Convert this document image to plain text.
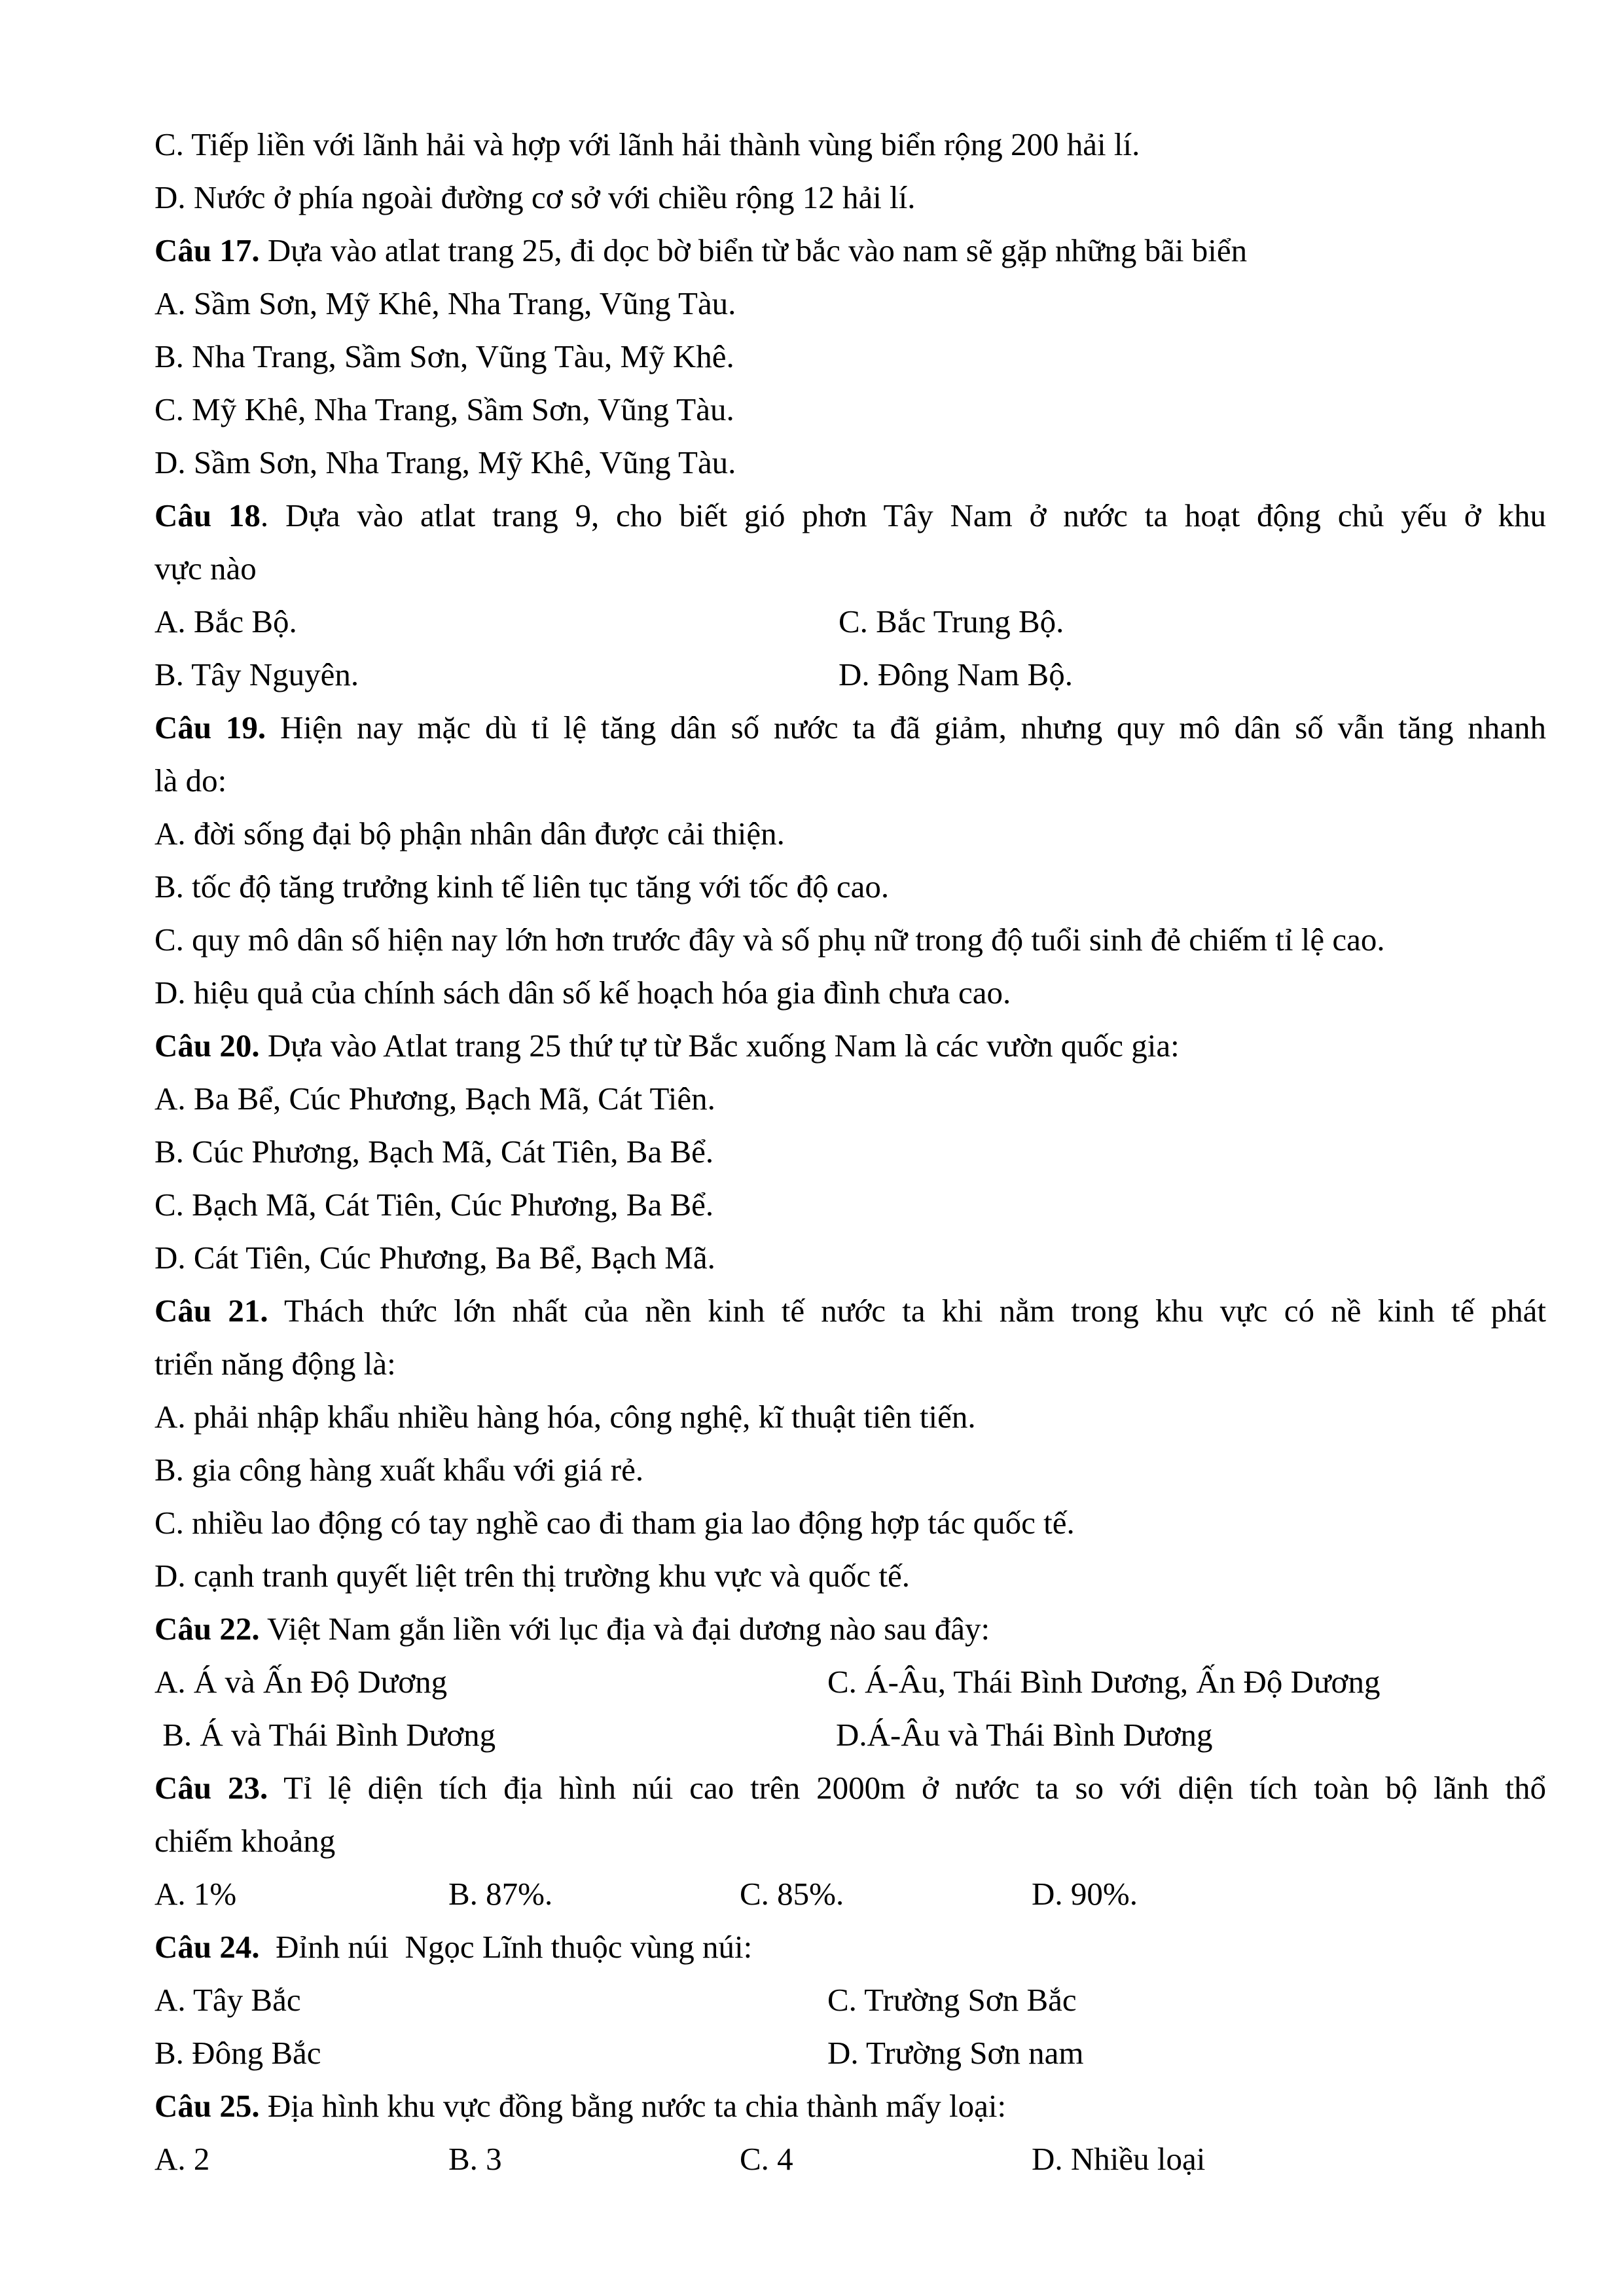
C. Tiếp liền với lãnh hải và hợp với lãnh hải thành vùng biển rộng 200 hải lí.
D. Nước ở phía ngoài đường cơ sở với chiều rộng 12 hải lí.
Câu 17. Dựa vào atlat trang 25, đi dọc bờ biển từ bắc vào nam sẽ gặp những bãi biển
A. Sầm Sơn, Mỹ Khê, Nha Trang, Vũng Tàu.
B. Nha Trang, Sầm Sơn, Vũng Tàu, Mỹ Khê.
C. Mỹ Khê, Nha Trang, Sầm Sơn, Vũng Tàu.
D. Sầm Sơn, Nha Trang, Mỹ Khê, Vũng Tàu.
Câu 18. Dựa vào atlat trang 9, cho biết gió phơn Tây Nam ở nước ta hoạt động chủ yếu ở khu
vực nào
A. Bắc Bộ.	C. Bắc Trung Bộ.
B. Tây Nguyên.	D. Đông Nam Bộ.
Câu 19. Hiện nay mặc dù tỉ lệ tăng dân số nước ta đã giảm, nhưng quy mô dân số vẫn tăng nhanh
là do:
A. đời sống đại bộ phận nhân dân được cải thiện.
B. tốc độ tăng trưởng kinh tế liên tục tăng với tốc độ cao.
C. quy mô dân số hiện nay lớn hơn trước đây và số phụ nữ trong độ tuổi sinh đẻ chiếm tỉ lệ cao.
D. hiệu quả của chính sách dân số kế hoạch hóa gia đình chưa cao.
Câu 20. Dựa vào Atlat trang 25 thứ tự từ Bắc xuống Nam là các vườn quốc gia:
A. Ba Bể, Cúc Phương, Bạch Mã, Cát Tiên.
B. Cúc Phương, Bạch Mã, Cát Tiên, Ba Bể.
C. Bạch Mã, Cát Tiên, Cúc Phương, Ba Bể.
D. Cát Tiên, Cúc Phương, Ba Bể, Bạch Mã.
Câu 21. Thách thức lớn nhất của nền kinh tế nước ta khi nằm trong khu vực có nề kinh tế phát
triển năng động là:
A. phải nhập khẩu nhiều hàng hóa, công nghệ, kĩ thuật tiên tiến.
B. gia công hàng xuất khẩu với giá rẻ.
C. nhiều lao động có tay nghề cao đi tham gia lao động hợp tác quốc tế.
D. cạnh tranh quyết liệt trên thị trường khu vực và quốc tế.
Câu 22. Việt Nam gắn liền với lục địa và đại dương nào sau đây:
A. Á và Ấn Độ Dương	C. Á-Âu, Thái Bình Dương, Ấn Độ Dương
B. Á và Thái Bình Dương	D.Á-Âu và Thái Bình Dương
Câu 23. Tỉ lệ diện tích địa hình núi cao trên 2000m ở nước ta so với diện tích toàn bộ lãnh thổ
chiếm khoảng
A. 1%	B. 87%.	C. 85%.	D. 90%.
Câu 24.  Đỉnh núi  Ngọc Lĩnh thuộc vùng núi:
A. Tây Bắc	C. Trường Sơn Bắc
B. Đông Bắc	D. Trường Sơn nam
Câu 25. Địa hình khu vực đồng bằng nước ta chia thành mấy loại:
A. 2	B. 3	C. 4	D. Nhiều loại
